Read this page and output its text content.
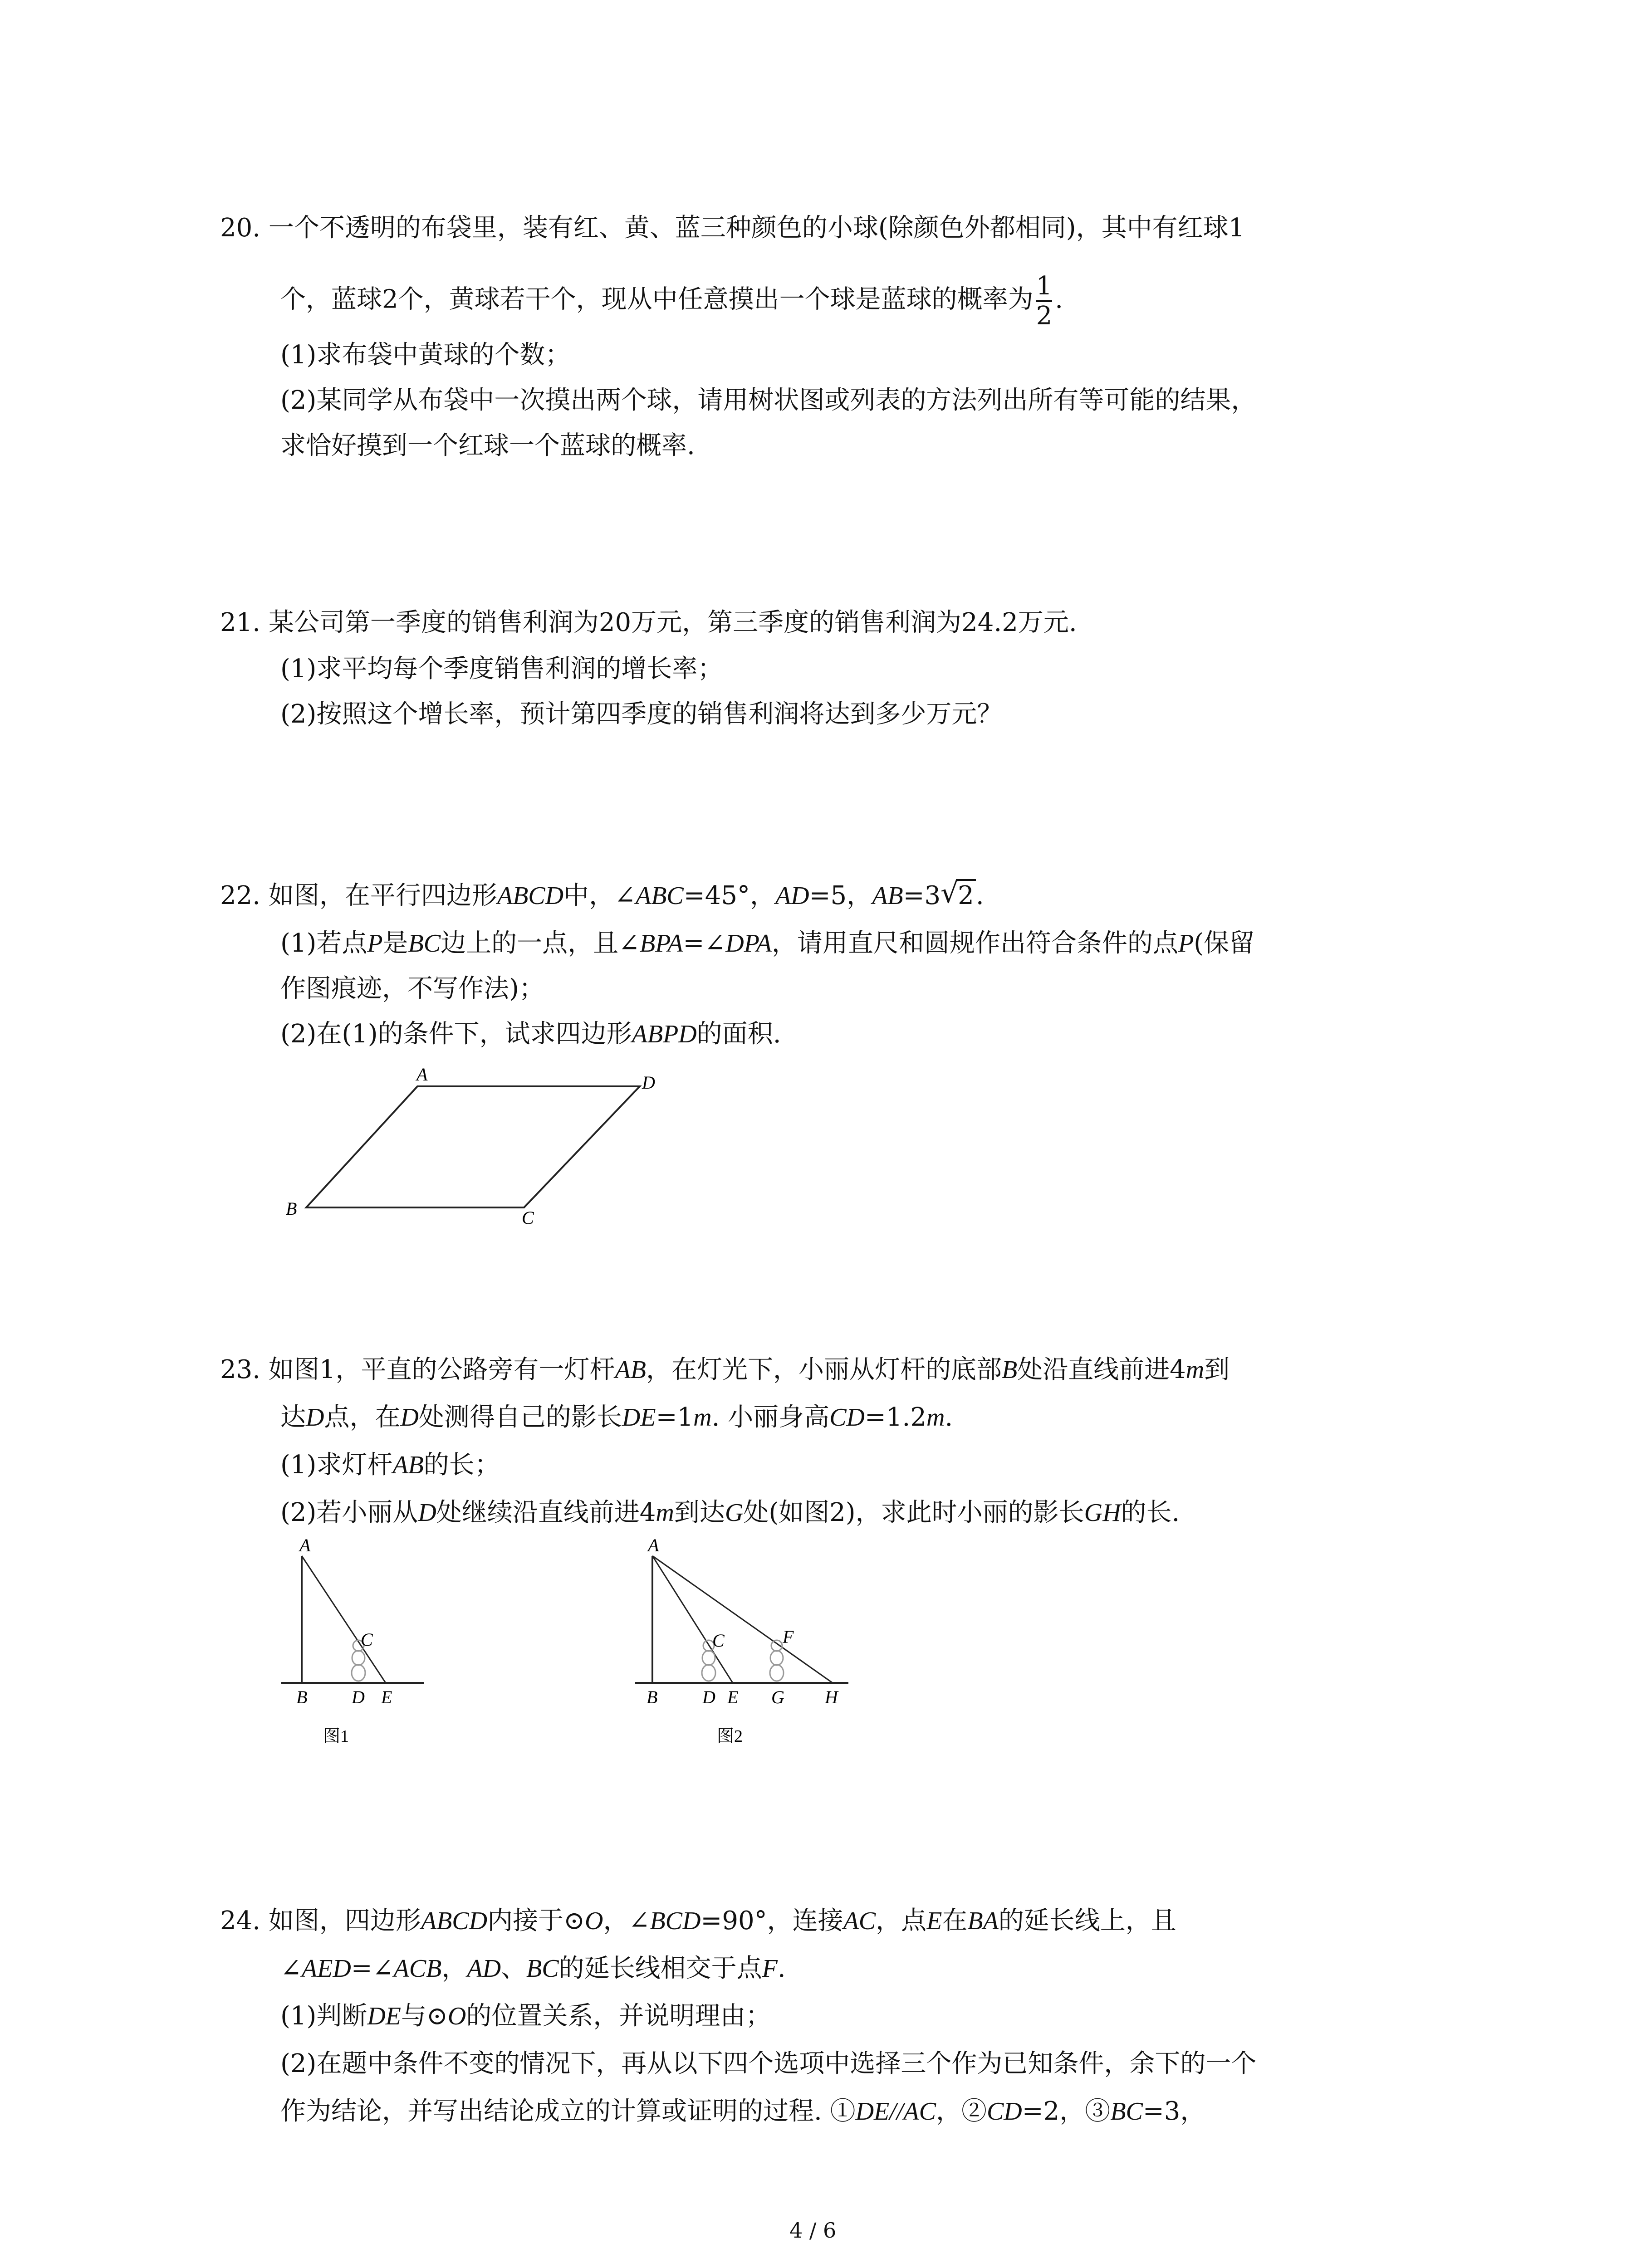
20. 一个不透明的布袋里，装有红、黄、蓝三种颜色的小球(除颜色外都相同)，其中有红球1
个，蓝球2个，黄球若干个，现从中任意摸出一个球是蓝球的概率为 $\frac{1}{2}$ .
(1)求布袋中黄球的个数；
(2)某同学从布袋中一次摸出两个球，请用树状图或列表的方法列出所有等可能的结果，
求恰好摸到一个红球一个蓝球的概率.
21. 某公司第一季度的销售利润为20万元，第三季度的销售利润为24.2万元.
(1)求平均每个季度销售利润的增长率；
(2)按照这个增长率，预计第四季度的销售利润将达到多少万元？
22. 如图，在平行四边形ABCD中，∠ABC=45°，AD=5，AB=3√ 2.
(1)若点P是BC边上的一点，且∠BPA=∠DPA，请用直尺和圆规作出符合条件的点P(保留
作图痕迹，不写作法)；
(2)在(1)的条件下，试求四边形ABPD的面积.
A	D
B	C
23. 如图1，平直的公路旁有一灯杆AB，在灯光下，小丽从灯杆的底部B处沿直线前进4m到
达D点，在D处测得自己的影长DE=1m. 小丽身高CD=1.2m.
(1)求灯杆AB的长；
(2)若小丽从D处继续沿直线前进4m到达G处(如图2)，求此时小丽的影长GH的长.
A
C
B D E
图1
A
C	F
B D E G H
图2
24. 如图，四边形ABCD内接于⊙O，∠BCD=90°，连接AC，点E在BA的延长线上，且
∠AED=∠ACB，AD、BC的延长线相交于点F.
(1)判断DE与⊙O的位置关系，并说明理由；
(2)在题中条件不变的情况下，再从以下四个选项中选择三个作为已知条件，余下的一个
作为结论，并写出结论成立的计算或证明的过程. ①DE//AC，②CD=2，③BC=3，
4 / 6
